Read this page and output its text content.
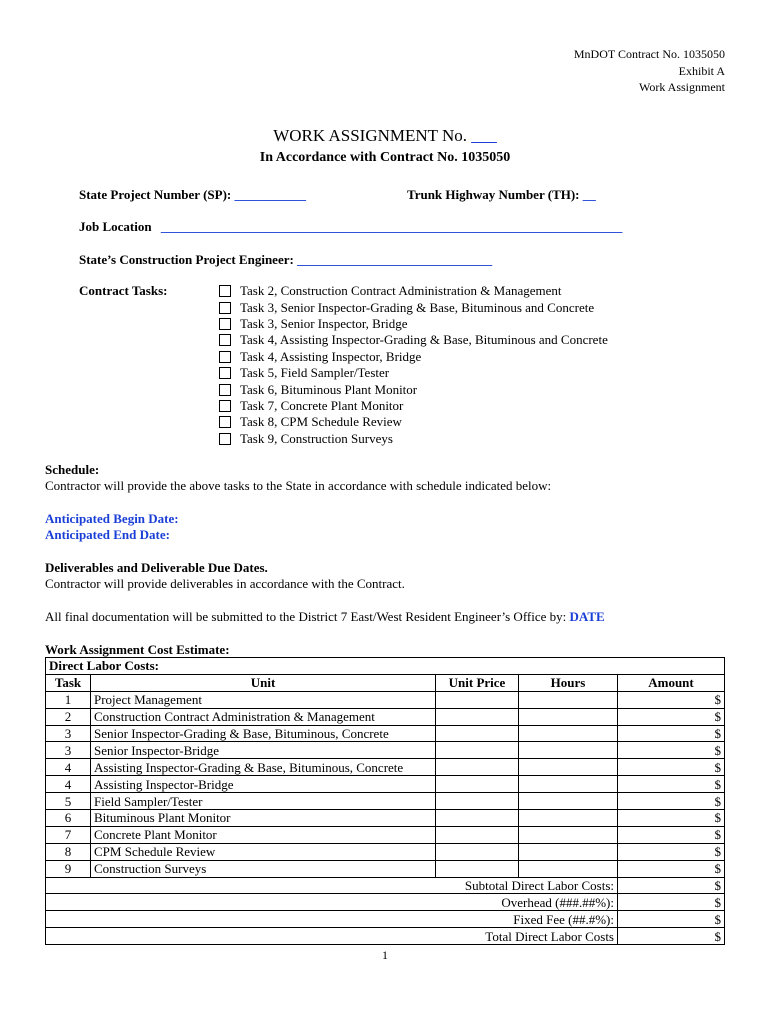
MnDOT Contract No. 1035050
Exhibit A
Work Assignment
WORK ASSIGNMENT No. ___
In Accordance with Contract No. 1035050
State Project Number (SP): ___________	Trunk Highway Number (TH): __
Job Location _______________________________________________________________________
State’s Construction Project Engineer: ______________________________
Contract Tasks:	Task 2, Construction Contract Administration & Management
Task 3, Senior Inspector-Grading & Base, Bituminous and Concrete
Task 3, Senior Inspector, Bridge
Task 4, Assisting Inspector-Grading & Base, Bituminous and Concrete
Task 4, Assisting Inspector, Bridge
Task 5, Field Sampler/Tester
Task 6, Bituminous Plant Monitor
Task 7, Concrete Plant Monitor
Task 8, CPM Schedule Review
Task 9, Construction Surveys
Schedule:
Contractor will provide the above tasks to the State in accordance with schedule indicated below:
Anticipated Begin Date:
Anticipated End Date:
Deliverables and Deliverable Due Dates.
Contractor will provide deliverables in accordance with the Contract.
All final documentation will be submitted to the District 7 East/West Resident Engineer’s Office by: DATE
Work Assignment Cost Estimate:
Direct Labor Costs:				
Task	Unit	Unit Price	Hours	Amount
1	Project Management			$
2	Construction Contract Administration & Management			$
3	Senior Inspector-Grading & Base, Bituminous, Concrete			$
3	Senior Inspector-Bridge			$
4	Assisting Inspector-Grading & Base, Bituminous, Concrete			$
4	Assisting Inspector-Bridge			$
5	Field Sampler/Tester			$
6	Bituminous Plant Monitor			$
7	Concrete Plant Monitor			$
8	CPM Schedule Review			$
9	Construction Surveys			$
Subtotal Direct Labor Costs:				$
Overhead (###.##%):				$
Fixed Fee (##.#%):				$
Total Direct Labor Costs				$
1
